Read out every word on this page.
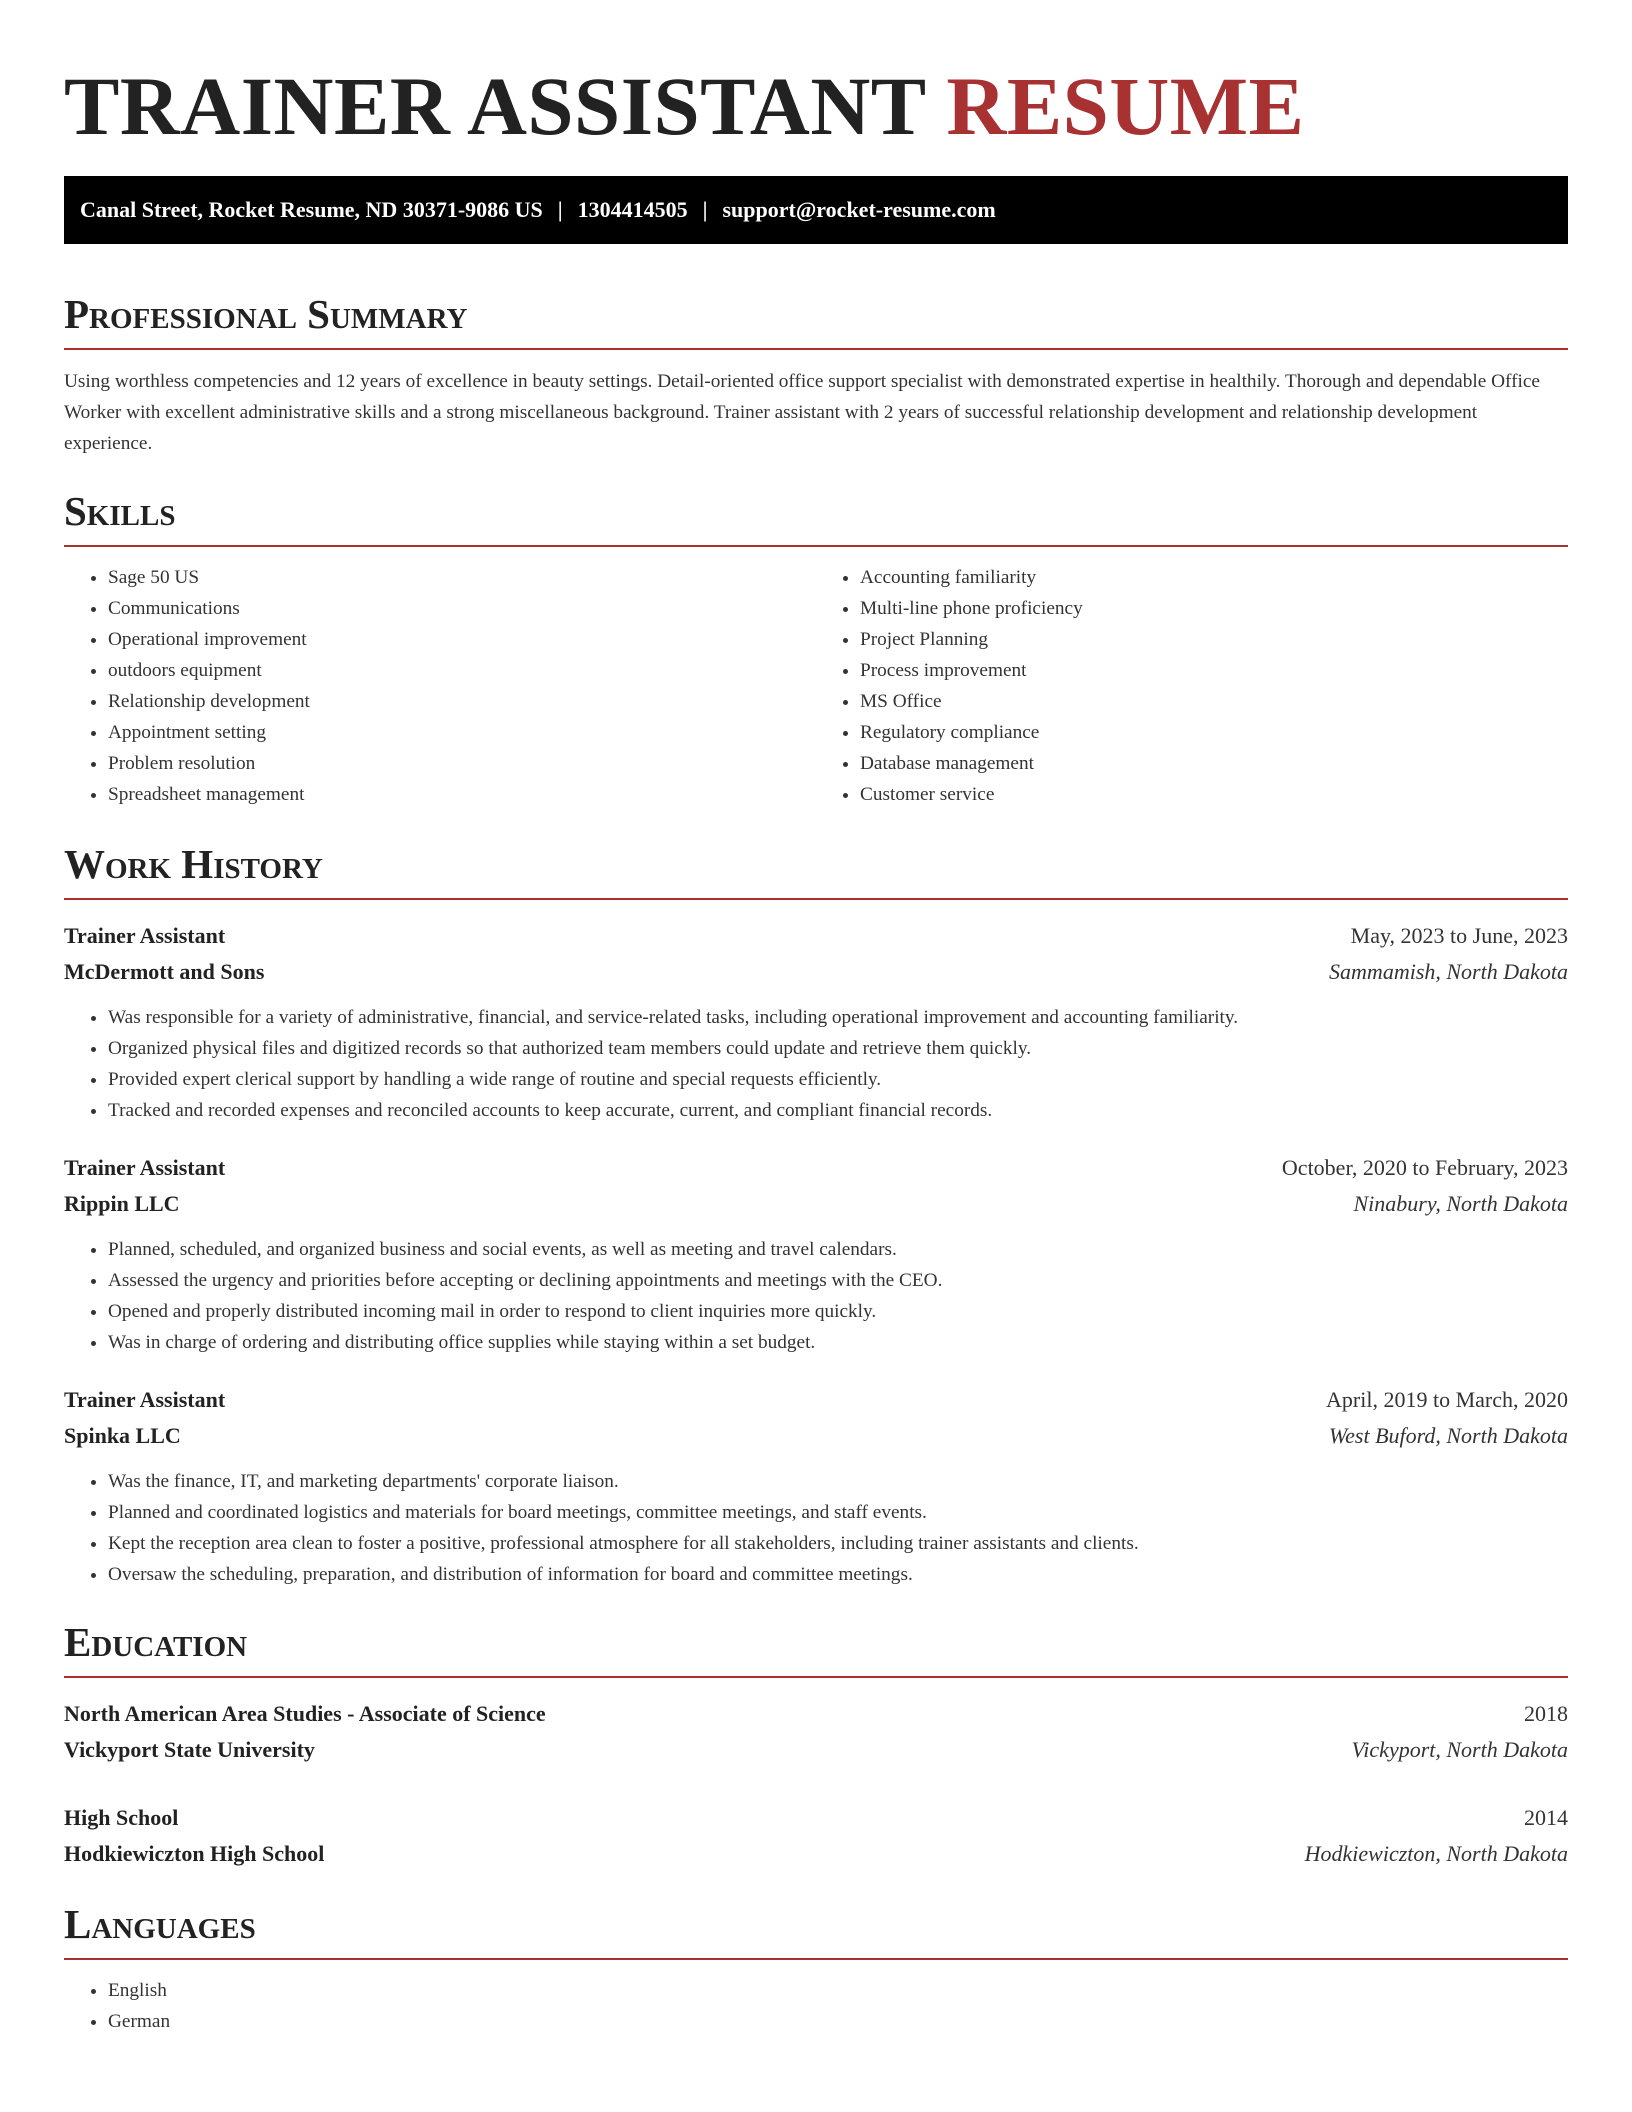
TRAINER ASSISTANT RESUME
Canal Street, Rocket Resume, ND 30371-9086 US | 1304414505 | support@rocket-resume.com
Professional Summary

Using worthless competencies and 12 years of excellence in beauty settings. Detail-oriented office support specialist with demonstrated expertise in healthily. Thorough and dependable Office Worker with excellent administrative skills and a strong miscellaneous background. Trainer assistant with 2 years of successful relationship development and relationship development experience.

Skills
• Sage 50 US
• Communications
• Operational improvement
• outdoors equipment
• Relationship development
• Appointment setting
• Problem resolution
• Spreadsheet management
• Accounting familiarity
• Multi-line phone proficiency
• Project Planning
• Process improvement
• MS Office
• Regulatory compliance
• Database management
• Customer service
Work History
Trainer Assistant	May, 2023 to June, 2023
McDermott and Sons	Sammamish, North Dakota
• Was responsible for a variety of administrative, financial, and service-related tasks, including operational improvement and accounting familiarity.
• Organized physical files and digitized records so that authorized team members could update and retrieve them quickly.
• Provided expert clerical support by handling a wide range of routine and special requests efficiently.
• Tracked and recorded expenses and reconciled accounts to keep accurate, current, and compliant financial records.
Trainer Assistant	October, 2020 to February, 2023
Rippin LLC	Ninabury, North Dakota
• Planned, scheduled, and organized business and social events, as well as meeting and travel calendars.
• Assessed the urgency and priorities before accepting or declining appointments and meetings with the CEO.
• Opened and properly distributed incoming mail in order to respond to client inquiries more quickly.
• Was in charge of ordering and distributing office supplies while staying within a set budget.
Trainer Assistant	April, 2019 to March, 2020
Spinka LLC	West Buford, North Dakota
• Was the finance, IT, and marketing departments' corporate liaison.
• Planned and coordinated logistics and materials for board meetings, committee meetings, and staff events.
• Kept the reception area clean to foster a positive, professional atmosphere for all stakeholders, including trainer assistants and clients.
• Oversaw the scheduling, preparation, and distribution of information for board and committee meetings.
Education
North American Area Studies - Associate of Science	2018
Vickyport State University	Vickyport, North Dakota
High School	2014
Hodkiewiczton High School	Hodkiewiczton, North Dakota
Languages
• English
• German
